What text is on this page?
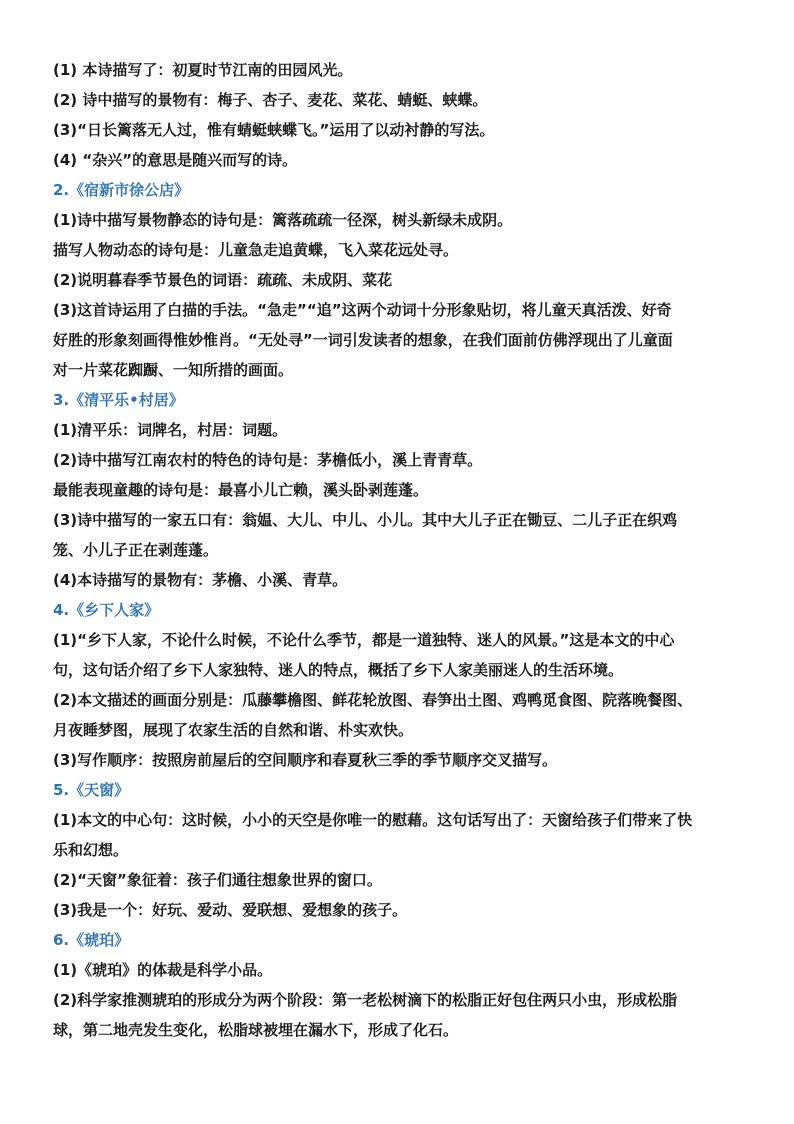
(1) 本诗描写了：初夏时节江南的田园风光。
(2) 诗中描写的景物有：梅子、杏子、麦花、菜花、蜻蜓、蛱蝶。
(3)“日长篱落无人过，惟有蜻蜓蛱蝶飞。”运用了以动衬静的写法。
(4) “杂兴”的意思是随兴而写的诗。
2.《宿新市徐公店》
(1)诗中描写景物静态的诗句是：篱落疏疏一径深，树头新绿未成阴。
描写人物动态的诗句是：儿童急走追黄蝶，飞入菜花远处寻。
(2)说明暮春季节景色的词语：疏疏、未成阴、菜花
(3)这首诗运用了白描的手法。“急走”“追”这两个动词十分形象贴切，将儿童天真活泼、好奇
好胜的形象刻画得惟妙惟肖。“无处寻”一词引发读者的想象，在我们面前仿佛浮现出了儿童面
对一片菜花踟蹰、一知所措的画面。
3.《清平乐•村居》
(1)清平乐：词牌名，村居：词题。
(2)诗中描写江南农村的特色的诗句是：茅檐低小，溪上青青草。
最能表现童趣的诗句是：最喜小儿亡赖，溪头卧剥莲蓬。
(3)诗中描写的一家五口有：翁媪、大儿、中儿、小儿。其中大儿子正在锄豆、二儿子正在织鸡
笼、小儿子正在剥莲蓬。
(4)本诗描写的景物有：茅檐、小溪、青草。
4.《乡下人家》
(1)“乡下人家，不论什么时候，不论什么季节，都是一道独特、迷人的风景。”这是本文的中心
句，这句话介绍了乡下人家独特、迷人的特点，概括了乡下人家美丽迷人的生活环境。
(2)本文描述的画面分别是：瓜藤攀檐图、鲜花轮放图、春笋出土图、鸡鸭觅食图、院落晚餐图、
月夜睡梦图，展现了农家生活的自然和谐、朴实欢快。
(3)写作顺序：按照房前屋后的空间顺序和春夏秋三季的季节顺序交叉描写。
5.《天窗》
(1)本文的中心句：这时候，小小的天空是你唯一的慰藉。这句话写出了：天窗给孩子们带来了快
乐和幻想。
(2)“天窗”象征着：孩子们通往想象世界的窗口。
(3)我是一个：好玩、爱动、爱联想、爱想象的孩子。
6.《琥珀》
(1)《琥珀》的体裁是科学小品。
(2)科学家推测琥珀的形成分为两个阶段：第一老松树滴下的松脂正好包住两只小虫，形成松脂
球，第二地壳发生变化，松脂球被埋在漏水下，形成了化石。
